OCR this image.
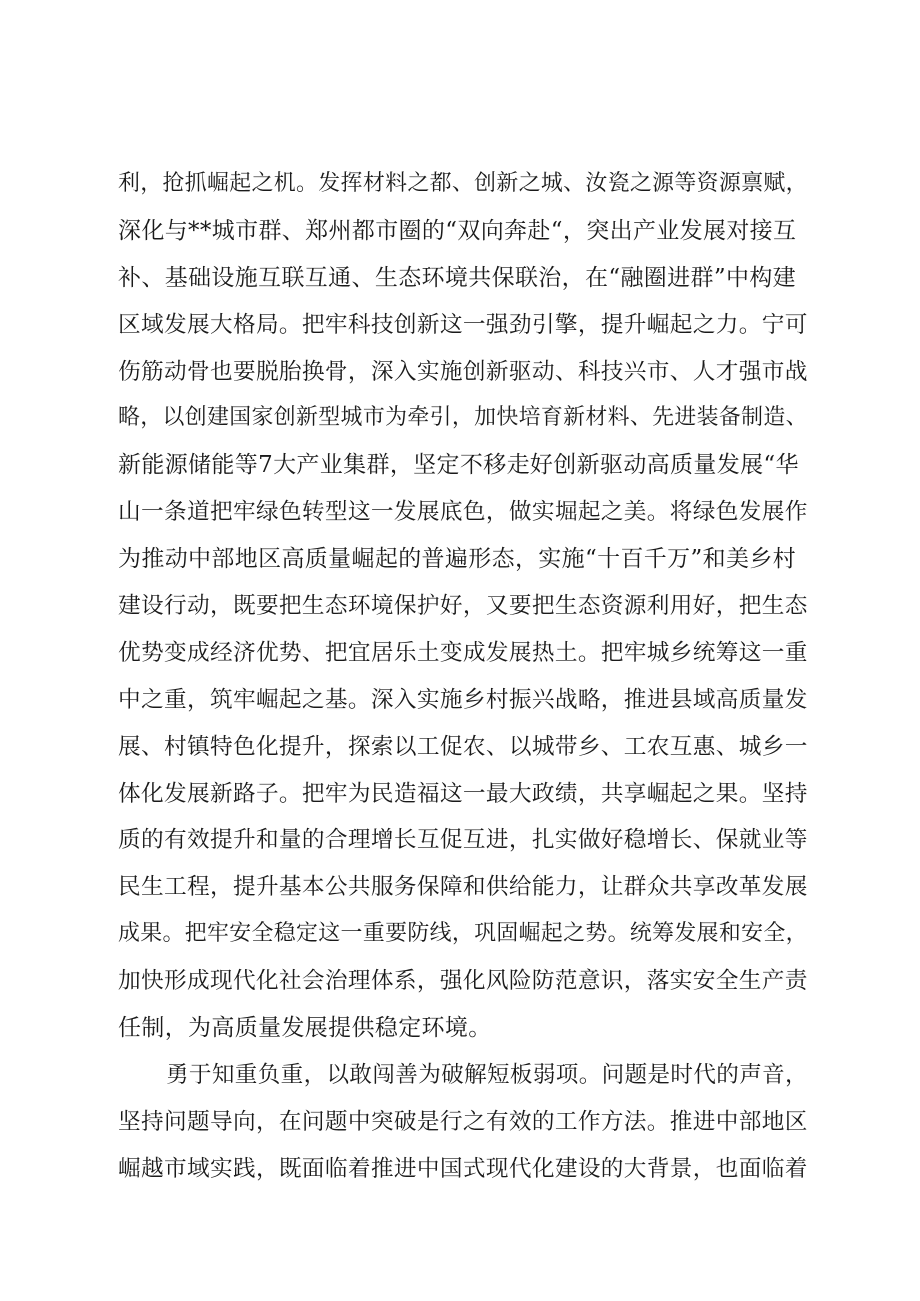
利，抢抓崛起之机。发挥材料之都、创新之城、汝瓷之源等资源禀赋，
深化与**城市群、郑州都市圈的“双向奔赴“，突出产业发展对接互
补、基础设施互联互通、生态环境共保联治，在“融圈进群”中构建
区域发展大格局。把牢科技创新这一强劲引擎，提升崛起之力。宁可
伤筋动骨也要脱胎换骨，深入实施创新驱动、科技兴市、人才强市战
略，以创建国家创新型城市为牵引，加快培育新材料、先进装备制造、
新能源储能等7大产业集群，坚定不移走好创新驱动高质量发展“华
山一条道把牢绿色转型这一发展底色，做实堀起之美。将绿色发展作
为推动中部地区高质量崛起的普遍形态，实施“十百千万”和美乡村
建设行动，既要把生态环境保护好，又要把生态资源利用好，把生态
优势变成经济优势、把宜居乐土变成发展热土。把牢城乡统筹这一重
中之重，筑牢崛起之基。深入实施乡村振兴战略，推进县域高质量发
展、村镇特色化提升，探索以工促农、以城带乡、工农互惠、城乡一
体化发展新路子。把牢为民造福这一最大政绩，共享崛起之果。坚持
质的有效提升和量的合理增长互促互进，扎实做好稳增长、保就业等
民生工程，提升基本公共服务保障和供给能力，让群众共享改革发展
成果。把牢安全稳定这一重要防线，巩固崛起之势。统筹发展和安全，
加快形成现代化社会治理体系，强化风险防范意识，落实安全生产责
任制，为高质量发展提供稳定环境。
勇于知重负重，以敢闯善为破解短板弱项。问题是时代的声音，
坚持问题导向，在问题中突破是行之有效的工作方法。推进中部地区
崛越市域实践，既面临着推进中国式现代化建设的大背景，也面临着
